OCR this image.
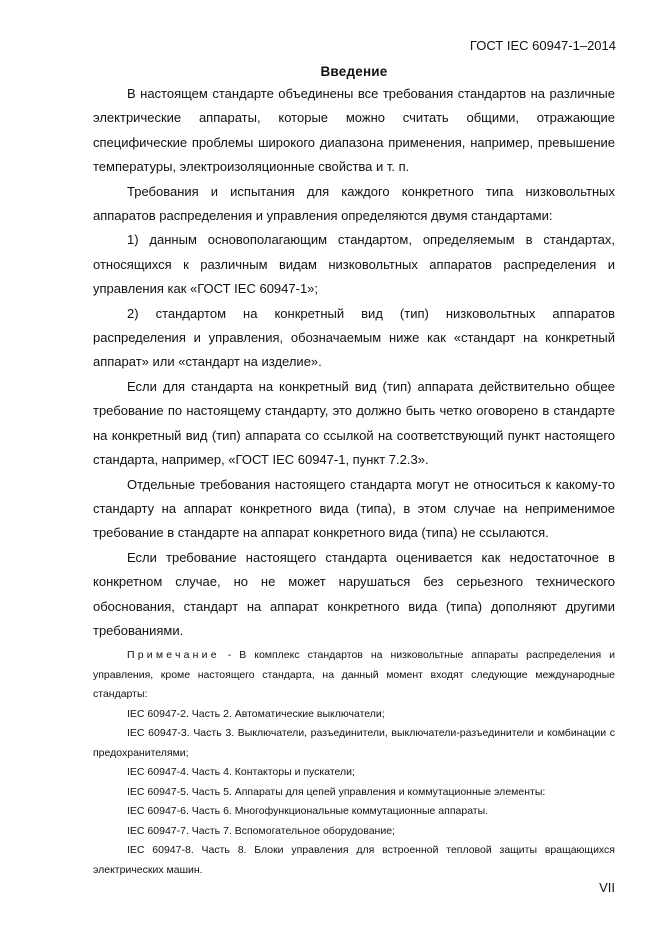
ГОСТ IEC 60947-1–2014
Введение

В настоящем стандарте объединены все требования стандартов на различные электрические аппараты, которые можно считать общими, отражающие специфические проблемы широкого диапазона применения, например, превышение температуры, электроизоляционные свойства и т. п.

Требования и испытания для каждого конкретного типа низковольтных аппаратов распределения и управления определяются двумя стандартами:

1) данным основополагающим стандартом, определяемым в стандартах, относящихся к различным видам низковольтных аппаратов распределения и управления как «ГОСТ IEC 60947-1»;

2) стандартом на конкретный вид (тип) низковольтных аппаратов распределения и управления, обозначаемым ниже как «стандарт на конкретный аппарат» или «стандарт на изделие».

Если для стандарта на конкретный вид (тип) аппарата действительно общее требование по настоящему стандарту, это должно быть четко оговорено в стандарте на конкретный вид (тип) аппарата со ссылкой на соответствующий пункт настоящего стандарта, например, «ГОСТ IEC 60947-1, пункт 7.2.3».

Отдельные требования настоящего стандарта могут не относиться к какому-то стандарту на аппарат конкретного вида (типа), в этом случае на неприменимое требование в стандарте на аппарат конкретного вида (типа) не ссылаются.

Если требование настоящего стандарта оценивается как недостаточное в конкретном случае, но не может нарушаться без серьезного технического обоснования, стандарт на аппарат конкретного вида (типа) дополняют другими требованиями.

Примечание - В комплекс стандартов на низковольтные аппараты распределения и управления, кроме настоящего стандарта, на данный момент входят следующие международные стандарты:

IEC 60947-2. Часть 2. Автоматические выключатели;

IEC 60947-3. Часть 3. Выключатели, разъединители, выключатели-разъединители и комбинации с предохранителями;

IEC 60947-4. Часть 4. Контакторы и пускатели;

IEC 60947-5. Часть 5. Аппараты для цепей управления и коммутационные элементы:

IEC 60947-6. Часть 6. Многофункциональные коммутационные аппараты.

IEC 60947-7. Часть 7. Вспомогательное оборудование;

IEC 60947-8. Часть 8. Блоки управления для встроенной тепловой защиты вращающихся электрических машин.

VII
